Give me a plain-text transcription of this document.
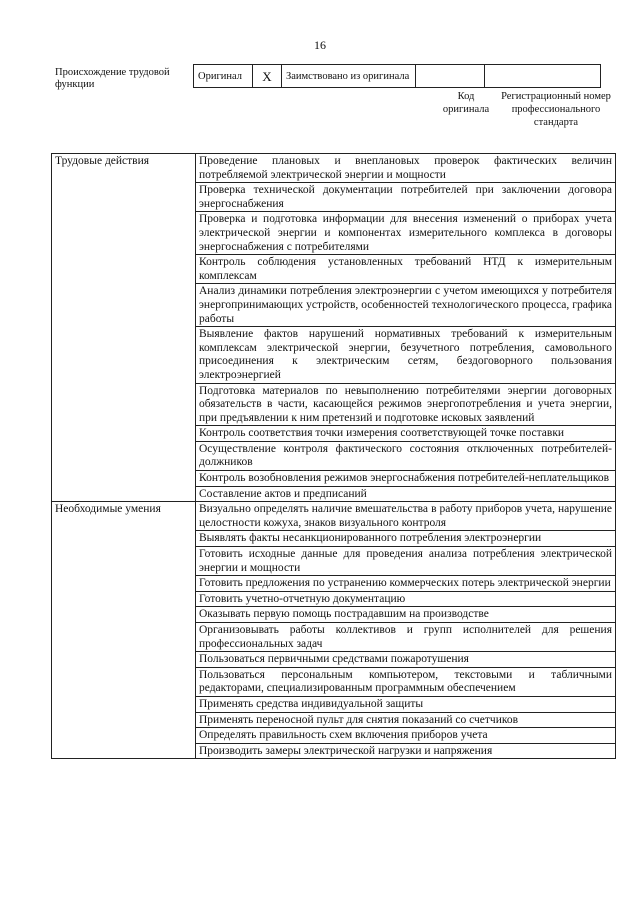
16
Происхождение трудовой функции
Оригинал	X	Заимствовано из оригинала		
Код оригинала
Регистрационный номер профессионального стандарта
Трудовые действия	Проведение плановых и внеплановых проверок фактических величин потребляемой электрической энергии и мощности
	Проверка технической документации потребителей при заключении договора энергоснабжения
	Проверка и подготовка информации для внесения изменений о приборах учета электрической энергии и компонентах измерительного комплекса в договоры энергоснабжения с потребителями
	Контроль соблюдения установленных требований НТД к измерительным комплексам
	Анализ динамики потребления электроэнергии с учетом имеющихся у потребителя энергопринимающих устройств, особенностей технологического процесса, графика работы
	Выявление фактов нарушений нормативных требований к измерительным комплексам электрической энергии, безучетного потребления, самовольного присоединения к электрическим сетям, бездоговорного пользования электроэнергией
	Подготовка материалов по невыполнению потребителями энергии договорных обязательств в части, касающейся режимов энергопотребления и учета энергии, при предъявлении к ним претензий и подготовке исковых заявлений
	Контроль соответствия точки измерения соответствующей точке поставки
	Осуществление контроля фактического состояния отключенных потребителей-должников
	Контроль возобновления режимов энергоснабжения потребителей-неплательщиков
	Составление актов и предписаний
Необходимые умения	Визуально определять наличие вмешательства в работу приборов учета, нарушение целостности кожуха, знаков визуального контроля
	Выявлять факты несанкционированного потребления электроэнергии
	Готовить исходные данные для проведения анализа потребления электрической энергии и мощности
	Готовить предложения по устранению коммерческих потерь электрической энергии
	Готовить учетно-отчетную документацию
	Оказывать первую помощь пострадавшим на производстве
	Организовывать работы коллективов и групп исполнителей для решения профессиональных задач
	Пользоваться первичными средствами пожаротушения
	Пользоваться персональным компьютером, текстовыми и табличными редакторами, специализированным программным обеспечением
	Применять средства индивидуальной защиты
	Применять переносной пульт для снятия показаний со счетчиков
	Определять правильность схем включения приборов учета
	Производить замеры электрической нагрузки и напряжения
